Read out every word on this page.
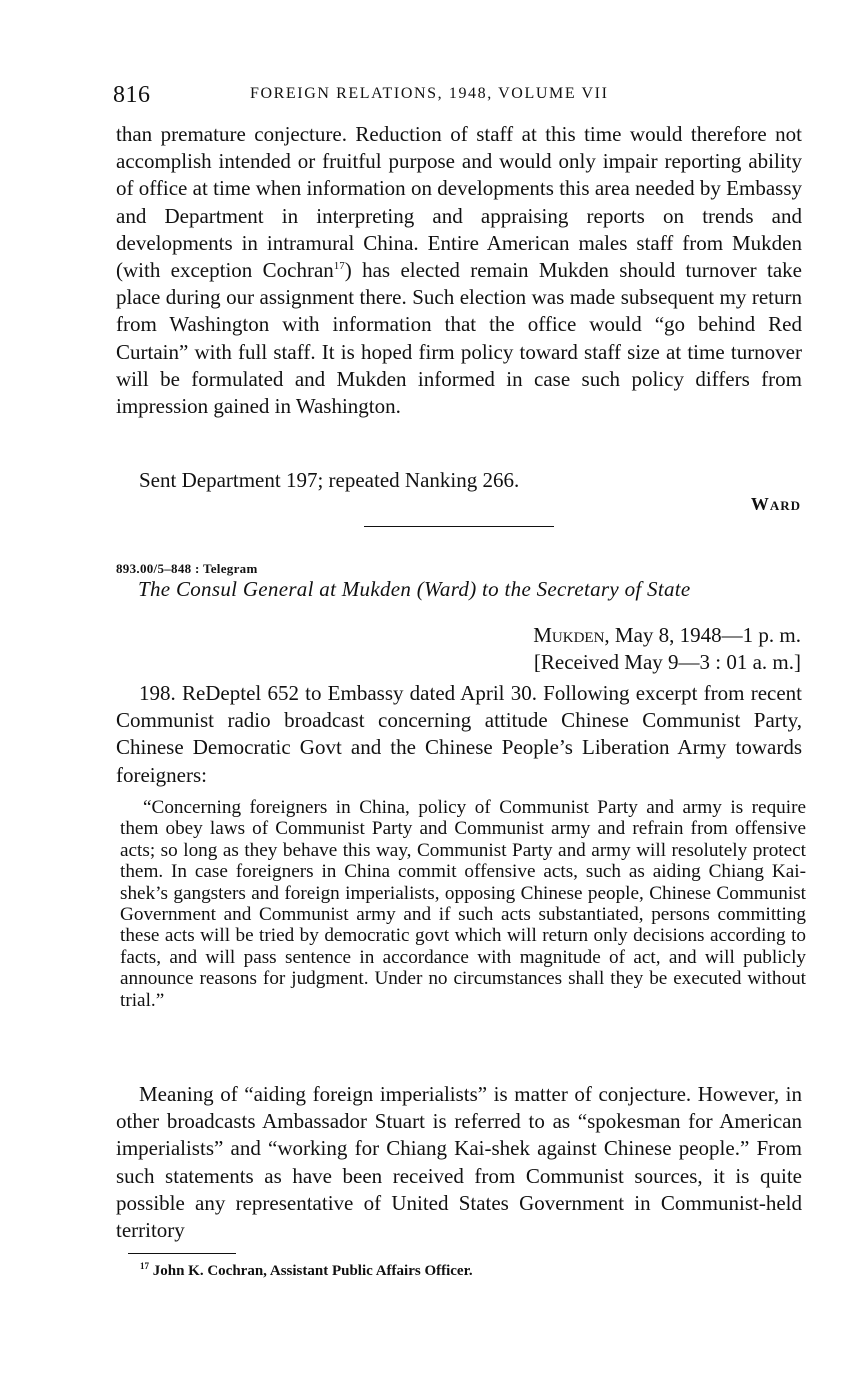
816	FOREIGN RELATIONS, 1948, VOLUME VII

than premature conjecture. Reduction of staff at this time would therefore not accomplish intended or fruitful purpose and would only impair reporting ability of office at time when information on developments this area needed by Embassy and Department in interpreting and appraising reports on trends and developments in intramural China. Entire American males staff from Mukden (with exception Cochran$^{17}$) has elected remain Mukden should turnover take place during our assignment there. Such election was made subsequent my return from Washington with information that the office would “go behind Red Curtain” with full staff. It is hoped firm policy toward staff size at time turnover will be formulated and Mukden informed in case such policy differs from impression gained in Washington.

Sent Department 197; repeated Nanking 266.

Ward
893.00/5–848 : Telegram
The Consul General at Mukden (Ward) to the Secretary of State
Mukden, May 8, 1948—1 p. m.
[Received May 9—3 : 01 a. m.]

198. ReDeptel 652 to Embassy dated April 30. Following excerpt from recent Communist radio broadcast concerning attitude Chinese Communist Party, Chinese Democratic Govt and the Chinese People’s Liberation Army towards foreigners:

“Concerning foreigners in China, policy of Communist Party and army is require them obey laws of Communist Party and Communist army and refrain from offensive acts; so long as they behave this way, Communist Party and army will resolutely protect them. In case foreigners in China commit offensive acts, such as aiding Chiang Kai-shek’s gangsters and foreign imperialists, opposing Chinese people, Chinese Communist Government and Communist army and if such acts substantiated, persons committing these acts will be tried by democratic govt which will return only decisions according to facts, and will pass sentence in accordance with magnitude of act, and will publicly announce reasons for judgment. Under no circumstances shall they be executed without trial.”

Meaning of “aiding foreign imperialists” is matter of conjecture. However, in other broadcasts Ambassador Stuart is referred to as “spokesman for American imperialists” and “working for Chiang Kai-shek against Chinese people.” From such statements as have been received from Communist sources, it is quite possible any representative of United States Government in Communist-held territory

$^{17}$ John K. Cochran, Assistant Public Affairs Officer.
